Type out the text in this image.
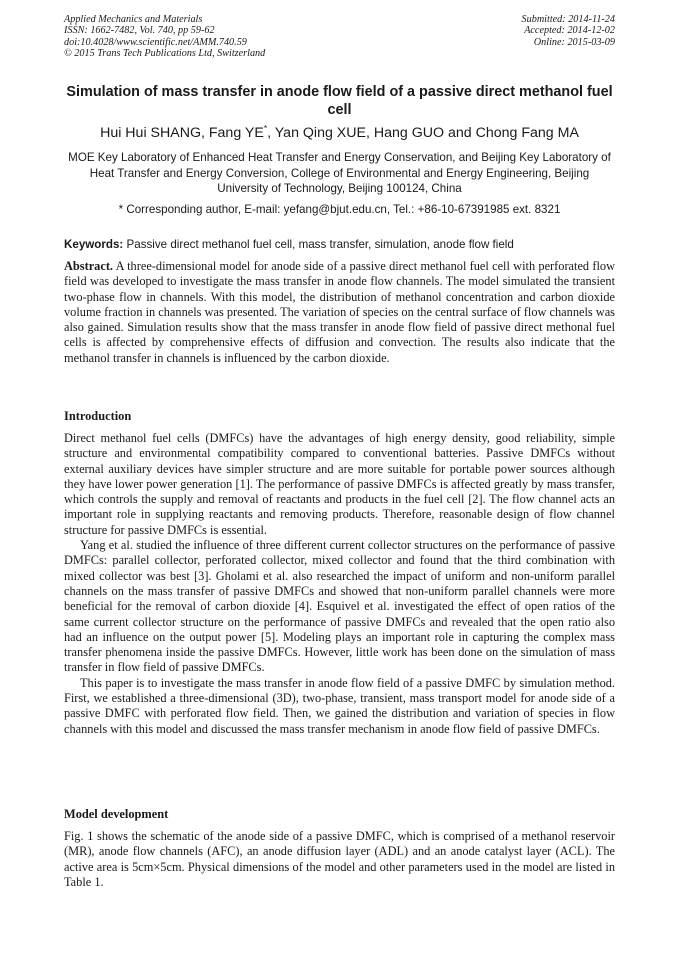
Applied Mechanics and Materials
ISSN: 1662-7482, Vol. 740, pp 59-62
doi:10.4028/www.scientific.net/AMM.740.59
© 2015 Trans Tech Publications Ltd, Switzerland
Submitted: 2014-11-24
Accepted: 2014-12-02
Online: 2015-03-09
Simulation of mass transfer in anode flow field of a passive direct methanol fuel cell
Hui Hui SHANG, Fang YE*, Yan Qing XUE, Hang GUO and Chong Fang MA
MOE Key Laboratory of Enhanced Heat Transfer and Energy Conservation, and Beijing Key Laboratory of Heat Transfer and Energy Conversion, College of Environmental and Energy Engineering, Beijing University of Technology, Beijing 100124, China
* Corresponding author, E-mail: yefang@bjut.edu.cn, Tel.: +86-10-67391985 ext. 8321
Keywords: Passive direct methanol fuel cell, mass transfer, simulation, anode flow field

Abstract. A three-dimensional model for anode side of a passive direct methanol fuel cell with perforated flow field was developed to investigate the mass transfer in anode flow channels. The model simulated the transient two-phase flow in channels. With this model, the distribution of methanol concentration and carbon dioxide volume fraction in channels was presented. The variation of species on the central surface of flow channels was also gained. Simulation results show that the mass transfer in anode flow field of passive direct methonal fuel cells is affected by comprehensive effects of diffusion and convection. The results also indicate that the methanol transfer in channels is influenced by the carbon dioxide.

Introduction

Direct methanol fuel cells (DMFCs) have the advantages of high energy density, good reliability, simple structure and environmental compatibility compared to conventional batteries. Passive DMFCs without external auxiliary devices have simpler structure and are more suitable for portable power sources although they have lower power generation [1]. The performance of passive DMFCs is affected greatly by mass transfer, which controls the supply and removal of reactants and products in the fuel cell [2]. The flow channel acts an important role in supplying reactants and removing products. Therefore, reasonable design of flow channel structure for passive DMFCs is essential.

Yang et al. studied the influence of three different current collector structures on the performance of passive DMFCs: parallel collector, perforated collector, mixed collector and found that the third combination with mixed collector was best [3]. Gholami et al. also researched the impact of uniform and non-uniform parallel channels on the mass transfer of passive DMFCs and showed that non-uniform parallel channels were more beneficial for the removal of carbon dioxide [4]. Esquivel et al. investigated the effect of open ratios of the same current collector structure on the performance of passive DMFCs and revealed that the open ratio also had an influence on the output power [5]. Modeling plays an important role in capturing the complex mass transfer phenomena inside the passive DMFCs. However, little work has been done on the simulation of mass transfer in flow field of passive DMFCs.

This paper is to investigate the mass transfer in anode flow field of a passive DMFC by simulation method. First, we established a three-dimensional (3D), two-phase, transient, mass transport model for anode side of a passive DMFC with perforated flow field. Then, we gained the distribution and variation of species in flow channels with this model and discussed the mass transfer mechanism in anode flow field of passive DMFCs.

Model development

Fig. 1 shows the schematic of the anode side of a passive DMFC, which is comprised of a methanol reservoir (MR), anode flow channels (AFC), an anode diffusion layer (ADL) and an anode catalyst layer (ACL). The active area is 5cm×5cm. Physical dimensions of the model and other parameters used in the model are listed in Table 1.
